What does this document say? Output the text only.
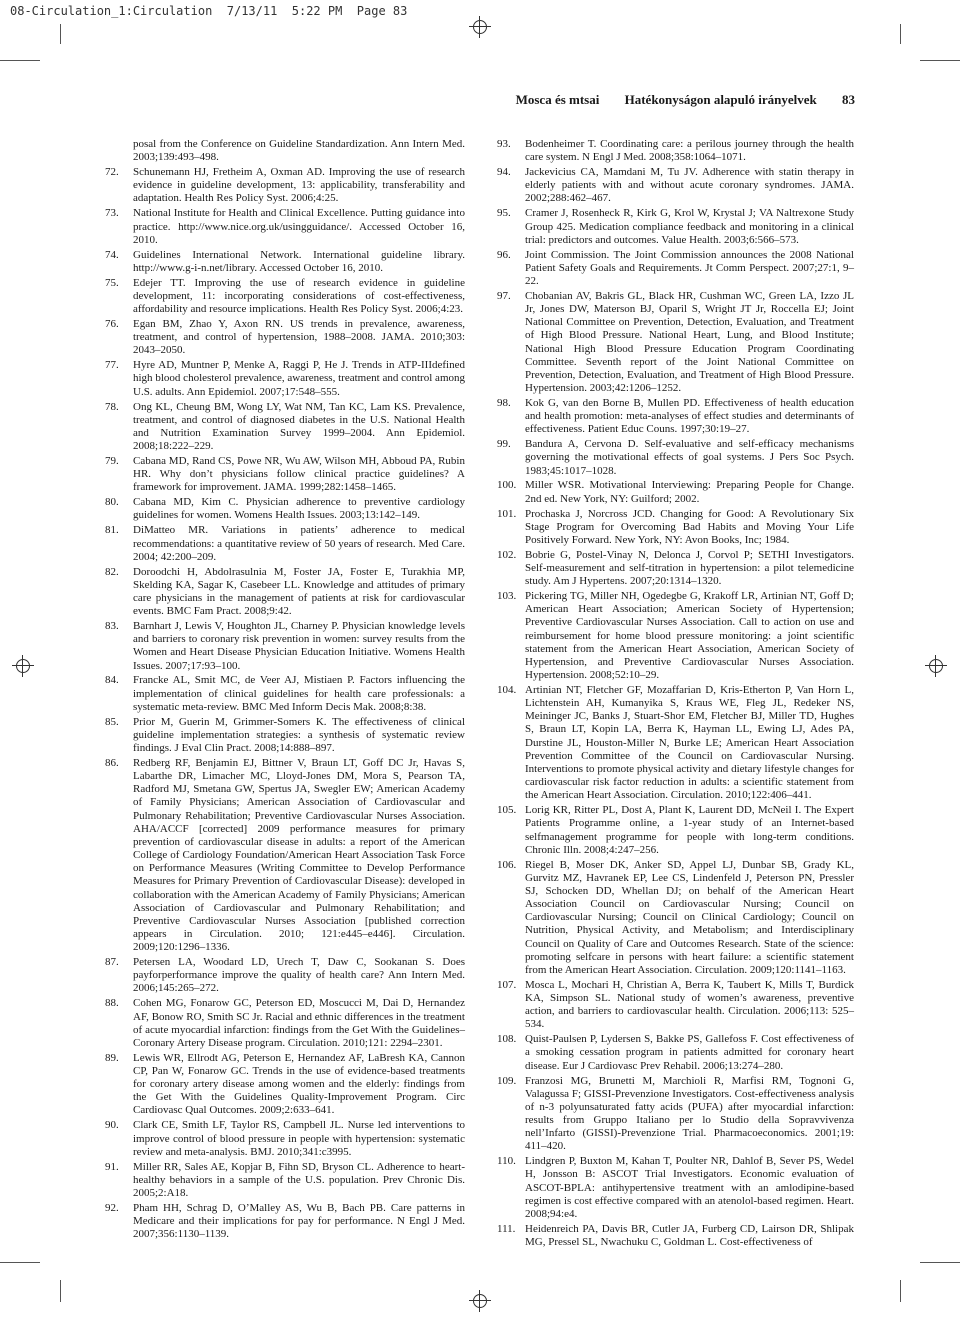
08-Circulation_1:Circulation  7/13/11  5:22 PM  Page 83
Mosca és mtsai Hatékonyságon alapuló irányelvek 83
posal from the Conference on Guideline Standardization. Ann Intern Med. 2003;139:493–498.
72.	Schunemann HJ, Fretheim A, Oxman AD. Improving the use of research evidence in guideline development, 13: applicability, transferability and adaptation. Health Res Policy Syst. 2006;4:25.
73.	National Institute for Health and Clinical Excellence. Putting guidance into practice. http://www.nice.org.uk/usingguidance/. Accessed October 16, 2010.
74.	Guidelines International Network. International guideline library. http://www.g-i-n.net/library. Accessed October 16, 2010.
75.	Edejer TT. Improving the use of research evidence in guideline development, 11: incorporating considerations of cost-effectiveness, affordability and resource implications. Health Res Policy Syst. 2006;4:23.
76.	Egan BM, Zhao Y, Axon RN. US trends in prevalence, awareness, treatment, and control of hypertension, 1988–2008. JAMA. 2010;303: 2043–2050.
77.	Hyre AD, Muntner P, Menke A, Raggi P, He J. Trends in ATP-IIIdefined high blood cholesterol prevalence, awareness, treatment and control among U.S. adults. Ann Epidemiol. 2007;17:548–555.
78.	Ong KL, Cheung BM, Wong LY, Wat NM, Tan KC, Lam KS. Prevalence, treatment, and control of diagnosed diabetes in the U.S. National Health and Nutrition Examination Survey 1999–2004. Ann Epidemiol. 2008;18:222–229.
79.	Cabana MD, Rand CS, Powe NR, Wu AW, Wilson MH, Abboud PA, Rubin HR. Why don’t physicians follow clinical practice guidelines? A framework for improvement. JAMA. 1999;282:1458–1465.
80.	Cabana MD, Kim C. Physician adherence to preventive cardiology guidelines for women. Womens Health Issues. 2003;13:142–149.
81.	DiMatteo MR. Variations in patients’ adherence to medical recommendations: a quantitative review of 50 years of research. Med Care. 2004; 42:200–209.
82.	Doroodchi H, Abdolrasulnia M, Foster JA, Foster E, Turakhia MP, Skelding KA, Sagar K, Casebeer LL. Knowledge and attitudes of primary care physicians in the management of patients at risk for cardiovascular events. BMC Fam Pract. 2008;9:42.
83.	Barnhart J, Lewis V, Houghton JL, Charney P. Physician knowledge levels and barriers to coronary risk prevention in women: survey results from the Women and Heart Disease Physician Education Initiative. Womens Health Issues. 2007;17:93–100.
84.	Francke AL, Smit MC, de Veer AJ, Mistiaen P. Factors influencing the implementation of clinical guidelines for health care professionals: a systematic meta-review. BMC Med Inform Decis Mak. 2008;8:38.
85.	Prior M, Guerin M, Grimmer-Somers K. The effectiveness of clinical guideline implementation strategies: a synthesis of systematic review findings. J Eval Clin Pract. 2008;14:888–897.
86.	Redberg RF, Benjamin EJ, Bittner V, Braun LT, Goff DC Jr, Havas S, Labarthe DR, Limacher MC, Lloyd-Jones DM, Mora S, Pearson TA, Radford MJ, Smetana GW, Spertus JA, Swegler EW; American Academy of Family Physicians; American Association of Cardiovascular and Pulmonary Rehabilitation; Preventive Cardiovascular Nurses Association. AHA/ACCF [corrected] 2009 performance measures for primary prevention of cardiovascular disease in adults: a report of the American College of Cardiology Foundation/American Heart Association Task Force on Performance Measures (Writing Committee to Develop Performance Measures for Primary Prevention of Cardiovascular Disease): developed in collaboration with the American Academy of Family Physicians; American Association of Cardiovascular and Pulmonary Rehabilitation; and Preventive Cardiovascular Nurses Association [published correction appears in Circulation. 2010; 121:e445–e446]. Circulation. 2009;120:1296–1336.
87.	Petersen LA, Woodard LD, Urech T, Daw C, Sookanan S. Does payforperformance improve the quality of health care? Ann Intern Med. 2006;145:265–272.
88.	Cohen MG, Fonarow GC, Peterson ED, Moscucci M, Dai D, Hernandez AF, Bonow RO, Smith SC Jr. Racial and ethnic differences in the treatment of acute myocardial infarction: findings from the Get With the Guidelines–Coronary Artery Disease program. Circulation. 2010;121: 2294–2301.
89.	Lewis WR, Ellrodt AG, Peterson E, Hernandez AF, LaBresh KA, Cannon CP, Pan W, Fonarow GC. Trends in the use of evidence-based treatments for coronary artery disease among women and the elderly: findings from the Get With the Guidelines Quality-Improvement Program. Circ Cardiovasc Qual Outcomes. 2009;2:633–641.
90.	Clark CE, Smith LF, Taylor RS, Campbell JL. Nurse led interventions to improve control of blood pressure in people with hypertension: systematic review and meta-analysis. BMJ. 2010;341:c3995.
91.	Miller RR, Sales AE, Kopjar B, Fihn SD, Bryson CL. Adherence to heart-healthy behaviors in a sample of the U.S. population. Prev Chronic Dis. 2005;2:A18.
92.	Pham HH, Schrag D, O’Malley AS, Wu B, Bach PB. Care patterns in Medicare and their implications for pay for performance. N Engl J Med. 2007;356:1130–1139.
93.	Bodenheimer T. Coordinating care: a perilous journey through the health care system. N Engl J Med. 2008;358:1064–1071.
94.	Jackevicius CA, Mamdani M, Tu JV. Adherence with statin therapy in elderly patients with and without acute coronary syndromes. JAMA. 2002;288:462–467.
95.	Cramer J, Rosenheck R, Kirk G, Krol W, Krystal J; VA Naltrexone Study Group 425. Medication compliance feedback and monitoring in a clinical trial: predictors and outcomes. Value Health. 2003;6:566–573.
96.	Joint Commission. The Joint Commission announces the 2008 National Patient Safety Goals and Requirements. Jt Comm Perspect. 2007;27:1, 9–22.
97.	Chobanian AV, Bakris GL, Black HR, Cushman WC, Green LA, Izzo JL Jr, Jones DW, Materson BJ, Oparil S, Wright JT Jr, Roccella EJ; Joint National Committee on Prevention, Detection, Evaluation, and Treatment of High Blood Pressure. National Heart, Lung, and Blood Institute; National High Blood Pressure Education Program Coordinating Committee. Seventh report of the Joint National Committee on Prevention, Detection, Evaluation, and Treatment of High Blood Pressure. Hypertension. 2003;42:1206–1252.
98.	Kok G, van den Borne B, Mullen PD. Effectiveness of health education and health promotion: meta-analyses of effect studies and determinants of effectiveness. Patient Educ Couns. 1997;30:19–27.
99.	Bandura A, Cervona D. Self-evaluative and self-efficacy mechanisms governing the motivational effects of goal systems. J Pers Soc Psych. 1983;45:1017–1028.
100. Miller WSR. Motivational Interviewing: Preparing People for Change. 2nd ed. New York, NY: Guilford; 2002.
101. Prochaska J, Norcross JCD. Changing for Good: A Revolutionary Six Stage Program for Overcoming Bad Habits and Moving Your Life Positively Forward. New York, NY: Avon Books, Inc; 1984.
102. Bobrie G, Postel-Vinay N, Delonca J, Corvol P; SETHI Investigators. Self-measurement and self-titration in hypertension: a pilot telemedicine study. Am J Hypertens. 2007;20:1314–1320.
103. Pickering TG, Miller NH, Ogedegbe G, Krakoff LR, Artinian NT, Goff D; American Heart Association; American Society of Hypertension; Preventive Cardiovascular Nurses Association. Call to action on use and reimbursement for home blood pressure monitoring: a joint scientific statement from the American Heart Association, American Society of Hypertension, and Preventive Cardiovascular Nurses Association. Hypertension. 2008;52:10–29.
104. Artinian NT, Fletcher GF, Mozaffarian D, Kris-Etherton P, Van Horn L, Lichtenstein AH, Kumanyika S, Kraus WE, Fleg JL, Redeker NS, Meininger JC, Banks J, Stuart-Shor EM, Fletcher BJ, Miller TD, Hughes S, Braun LT, Kopin LA, Berra K, Hayman LL, Ewing LJ, Ades PA, Durstine JL, Houston-Miller N, Burke LE; American Heart Association Prevention Committee of the Council on Cardiovascular Nursing. Interventions to promote physical activity and dietary lifestyle changes for cardiovascular risk factor reduction in adults: a scientific statement from the American Heart Association. Circulation. 2010;122:406–441.
105. Lorig KR, Ritter PL, Dost A, Plant K, Laurent DD, McNeil I. The Expert Patients Programme online, a 1-year study of an Internet-based selfmanagement programme for people with long-term conditions. Chronic Illn. 2008;4:247–256.
106. Riegel B, Moser DK, Anker SD, Appel LJ, Dunbar SB, Grady KL, Gurvitz MZ, Havranek EP, Lee CS, Lindenfeld J, Peterson PN, Pressler SJ, Schocken DD, Whellan DJ; on behalf of the American Heart Association Council on Cardiovascular Nursing; Council on Cardiovascular Nursing; Council on Clinical Cardiology; Council on Nutrition, Physical Activity, and Metabolism; and Interdisciplinary Council on Quality of Care and Outcomes Research. State of the science: promoting selfcare in persons with heart failure: a scientific statement from the American Heart Association. Circulation. 2009;120:1141–1163.
107. Mosca L, Mochari H, Christian A, Berra K, Taubert K, Mills T, Burdick KA, Simpson SL. National study of women’s awareness, preventive action, and barriers to cardiovascular health. Circulation. 2006;113: 525–534.
108. Quist-Paulsen P, Lydersen S, Bakke PS, Gallefoss F. Cost effectiveness of a smoking cessation program in patients admitted for coronary heart disease. Eur J Cardiovasc Prev Rehabil. 2006;13:274–280.
109. Franzosi MG, Brunetti M, Marchioli R, Marfisi RM, Tognoni G, Valagussa F; GISSI-Prevenzione Investigators. Cost-effectiveness analysis of n-3 polyunsaturated fatty acids (PUFA) after myocardial infarction: results from Gruppo Italiano per lo Studio della Sopravvivenza nell’Infarto (GISSI)-Prevenzione Trial. Pharmacoeconomics. 2001;19: 411–420.
110. Lindgren P, Buxton M, Kahan T, Poulter NR, Dahlof B, Sever PS, Wedel H, Jonsson B: ASCOT Trial Investigators. Economic evaluation of ASCOT-BPLA: antihypertensive treatment with an amlodipine-based regimen is cost effective compared with an atenolol-based regimen. Heart. 2008;94:e4.
111. Heidenreich PA, Davis BR, Cutler JA, Furberg CD, Lairson DR, Shlipak MG, Pressel SL, Nwachuku C, Goldman L. Cost-effectiveness of
